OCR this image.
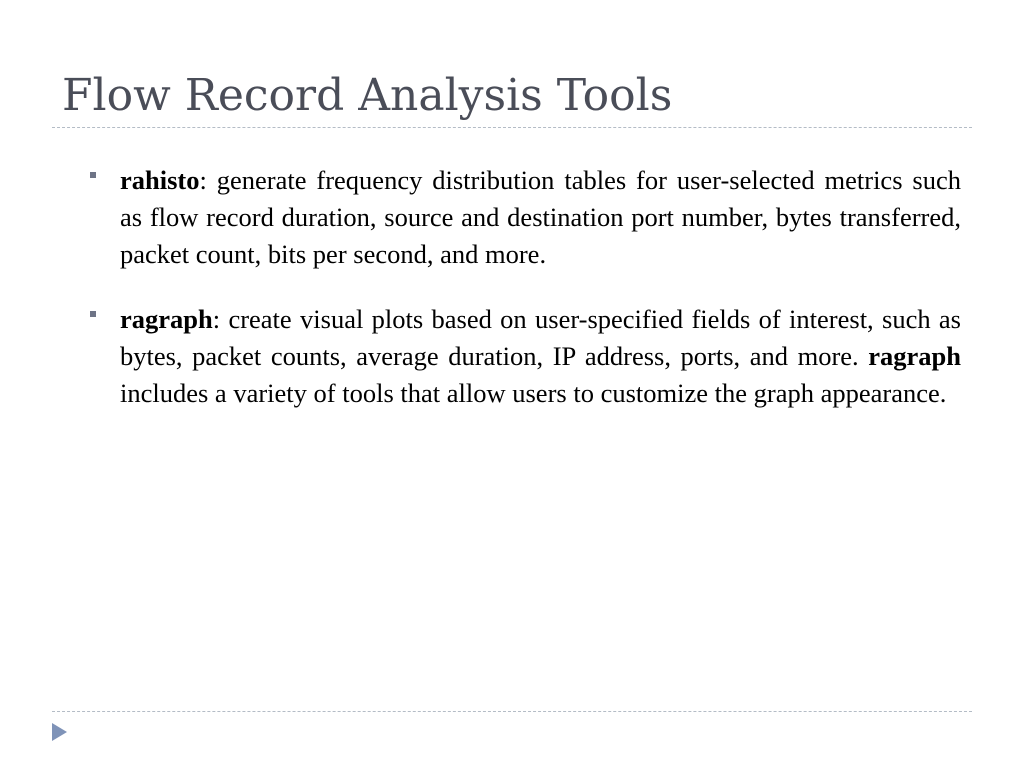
Flow Record Analysis Tools
rahisto: generate frequency distribution tables for user-selected metrics such as flow record duration, source and destination port number, bytes transferred, packet count, bits per second, and more.
ragraph: create visual plots based on user-specified fields of interest, such as bytes, packet counts, average duration, IP address, ports, and more. ragraph includes a variety of tools that allow users to customize the graph appearance.
